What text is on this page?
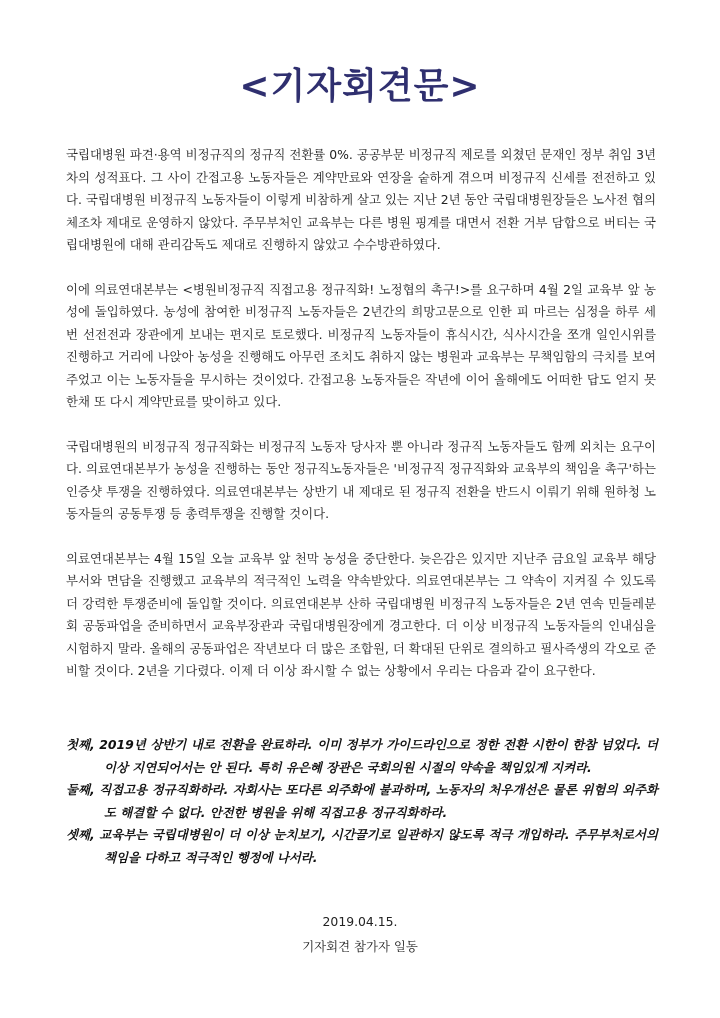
<기자회견문>

국립대병원 파견·용역 비정규직의 정규직 전환률 0%. 공공부문 비정규직 제로를 외쳤던 문재인 정부 취임 3년차의 성적표다. 그 사이 간접고용 노동자들은 계약만료와 연장을 숱하게 겪으며 비정규직 신세를 전전하고 있다. 국립대병원 비정규직 노동자들이 이렇게 비참하게 살고 있는 지난 2년 동안 국립대병원장들은 노사전 협의체조차 제대로 운영하지 않았다. 주무부처인 교육부는 다른 병원 핑계를 대면서 전환 거부 담합으로 버티는 국립대병원에 대해 관리감독도 제대로 진행하지 않았고 수수방관하였다.

이에 의료연대본부는 <병원비정규직 직접고용 정규직화! 노정협의 촉구!>를 요구하며 4월 2일 교육부 앞 농성에 돌입하였다. 농성에 참여한 비정규직 노동자들은 2년간의 희망고문으로 인한 피 마르는 심정을 하루 세 번 선전전과 장관에게 보내는 편지로 토로했다. 비정규직 노동자들이 휴식시간, 식사시간을 쪼개 일인시위를 진행하고 거리에 나앉아 농성을 진행해도 아무런 조치도 취하지 않는 병원과 교육부는 무책임함의 극치를 보여주었고 이는 노동자들을 무시하는 것이었다. 간접고용 노동자들은 작년에 이어 올해에도 어떠한 답도 얻지 못한채 또 다시 계약만료를 맞이하고 있다.

국립대병원의 비정규직 정규직화는 비정규직 노동자 당사자 뿐 아니라 정규직 노동자들도 함께 외치는 요구이다. 의료연대본부가 농성을 진행하는 동안 정규직노동자들은 '비정규직 정규직화와 교육부의 책임을 촉구'하는 인증샷 투쟁을 진행하였다. 의료연대본부는 상반기 내 제대로 된 정규직 전환을 반드시 이뤄기 위해 원하청 노동자들의 공동투쟁 등 총력투쟁을 진행할 것이다.

의료연대본부는 4월 15일 오늘 교육부 앞 천막 농성을 중단한다. 늦은감은 있지만 지난주 금요일 교육부 해당부서와 면담을 진행했고 교육부의 적극적인 노력을 약속받았다. 의료연대본부는 그 약속이 지켜질 수 있도록 더 강력한 투쟁준비에 돌입할 것이다. 의료연대본부 산하 국립대병원 비정규직 노동자들은 2년 연속 민들레분회 공동파업을 준비하면서 교육부장관과 국립대병원장에게 경고한다. 더 이상 비정규직 노동자들의 인내심을 시험하지 말라. 올해의 공동파업은 작년보다 더 많은 조합원, 더 확대된 단위로 결의하고 필사즉생의 각오로 준비할 것이다. 2년을 기다렸다. 이제 더 이상 좌시할 수 없는 상황에서 우리는 다음과 같이 요구한다.

첫째, 2019년 상반기 내로 전환을 완료하라. 이미 정부가 가이드라인으로 정한 전환 시한이 한참 넘었다. 더 이상 지연되어서는 안 된다. 특히 유은혜 장관은 국회의원 시절의 약속을 책임있게 지켜라.

둘째, 직접고용 정규직화하라. 자회사는 또다른 외주화에 불과하며, 노동자의 처우개선은 물론 위험의 외주화도 해결할 수 없다. 안전한 병원을 위해 직접고용 정규직화하라.

셋째, 교육부는 국립대병원이 더 이상 눈치보기, 시간끌기로 일관하지 않도록 적극 개입하라. 주무부처로서의 책임을 다하고 적극적인 행정에 나서라.

2019.04.15.
기자회견 참가자 일동
